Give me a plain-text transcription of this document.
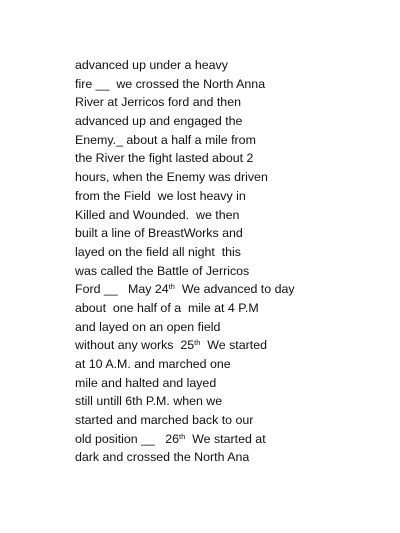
advanced up under a heavy
fire __  we crossed the North Anna
River at Jerricos ford and then
advanced up and engaged the
Enemy._ about a half a mile from
the River the fight lasted about 2
hours, when the Enemy was driven
from the Field  we lost heavy in
Killed and Wounded.  we then
built a line of BreastWorks and
layed on the field all night  this
was called the Battle of Jerricos
Ford __   May 24th  We advanced to day
about  one half of a  mile at 4 P.M
and layed on an open field
without any works  25th  We started
at 10 A.M. and marched one
mile and halted and layed
still untill 6th P.M. when we
started and marched back to our
old position __   26th  We started at
dark and crossed the North Ana
